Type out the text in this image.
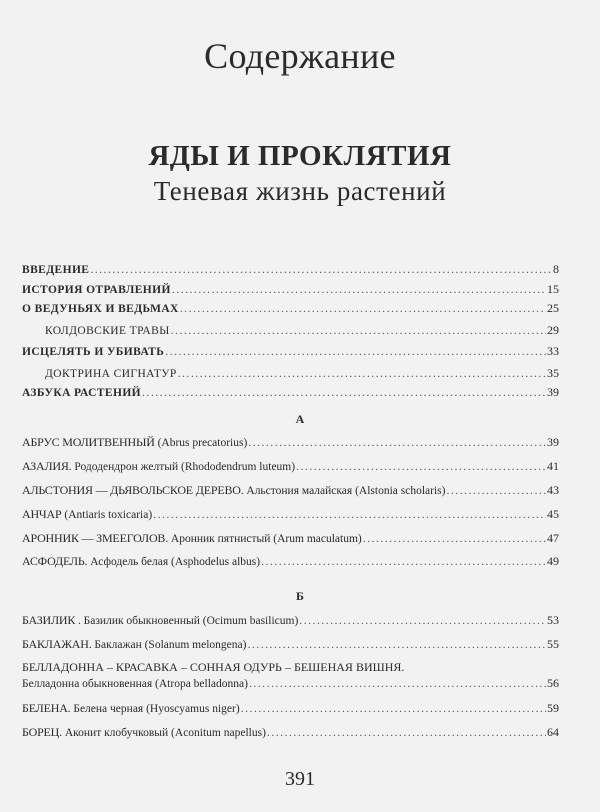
Содержание
ЯДЫ И ПРОКЛЯТИЯ
Теневая жизнь растений
ВВЕДЕНИЕ .....	8
ИСТОРИЯ ОТРАВЛЕНИЙ .....	15
О ВЕДУНЬЯХ И ВЕДЬМАХ .....	25
КОЛДОВСКИЕ ТРАВЫ .....	29
ИСЦЕЛЯТЬ И УБИВАТЬ .....	33
ДОКТРИНА СИГНАТУР .....	35
АЗБУКА РАСТЕНИЙ .....	39
А
АБРУС МОЛИТВЕННЫЙ (Abrus precatorius) .....	39
АЗАЛИЯ. Рододендрон желтый (Rhododendrum luteum) .....	41
АЛЬСТОНИЯ — ДЬЯВОЛЬСКОЕ ДЕРЕВО. Альстония малайская (Alstonia scholaris) .....	43
АНЧАР (Antiaris toxicaria) .....	45
АРОННИК — ЗМЕЕГОЛОВ. Аронник пятнистый (Arum maculatum) .....	47
АСФОДЕЛЬ. Асфодель белая (Asphodelus albus) .....	49
Б
БАЗИЛИК . Базилик обыкновенный (Ocimum basilicum) .....	53
БАКЛАЖАН. Баклажан (Solanum melongena) .....	55
БЕЛЛАДОННА – КРАСАВКА – СОННАЯ ОДУРЬ – БЕШЕНАЯ ВИШНЯ.
Белладонна обыкновенная (Atropa belladonna) .....	56
БЕЛЕНА. Белена черная (Hyoscyamus niger) .....	59
БОРЕЦ. Аконит клобучковый (Aconitum napellus) .....	64
391
